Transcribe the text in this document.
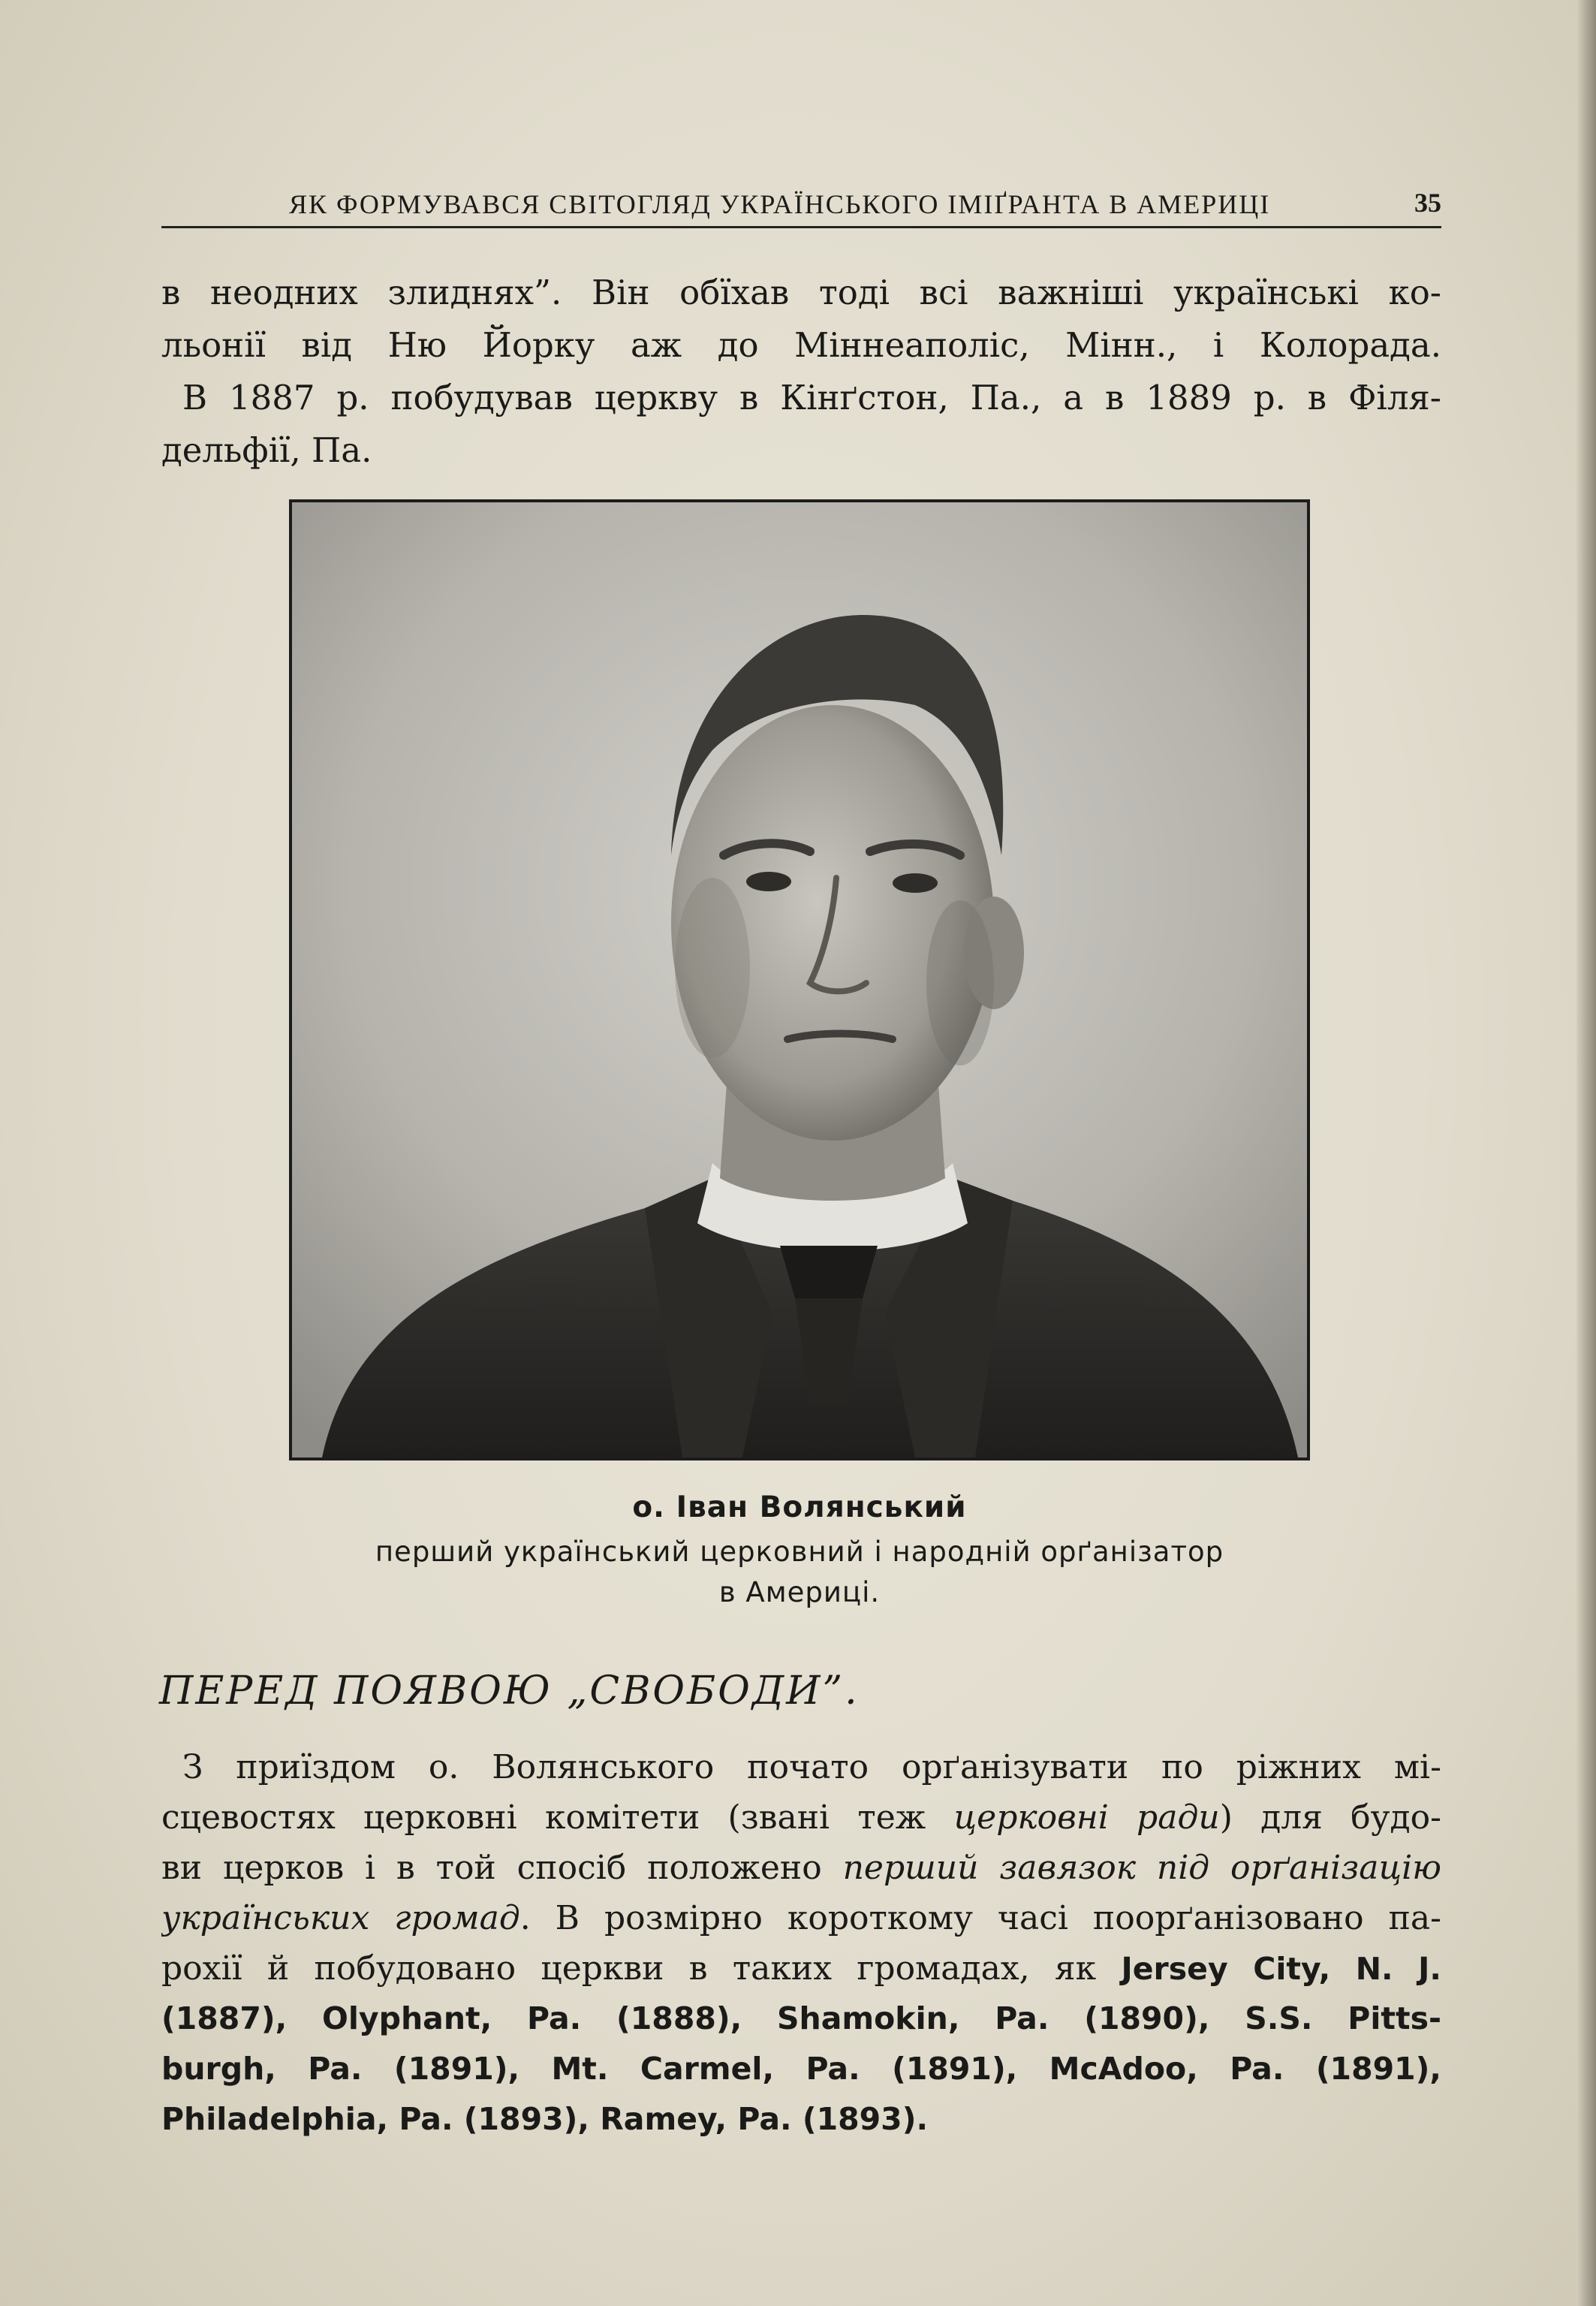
ЯК ФОРМУВАВСЯ СВІТОГЛЯД УКРАЇНСЬКОГО ІМІҐРАНТА В АМЕРИЦІ	35
в неодних злиднях”. Він обїхав тоді всі важніші українські ко-
льонії від Ню Йорку аж до Міннеаполіс, Мінн., і Колорада.
В 1887 р. побудував церкву в Кінґстон, Па., а в 1889 р. в Філя-
дельфії, Па.
о. Іван Волянський
перший український церковний і народній орґанізатор
в Америці.
ПЕРЕД ПОЯВОЮ „СВОБОДИ”.
З приїздом о. Волянського почато орґанізувати по ріжних мі-
сцевостях церковні комітети (звані теж церковні ради) для будо-
ви церков і в той спосіб положено перший завязок під орґанізацію
українських громад. В розмірно короткому часі поорґанізовано па-
рохії й побудовано церкви в таких громадах, як Jersey City, N. J.
(1887), Olyphant, Pa. (1888), Shamokin, Pa. (1890), S.S. Pitts-
burgh, Pa. (1891), Mt. Carmel, Pa. (1891), McAdoo, Pa. (1891),
Philadelphia, Pa. (1893), Ramey, Pa. (1893).
